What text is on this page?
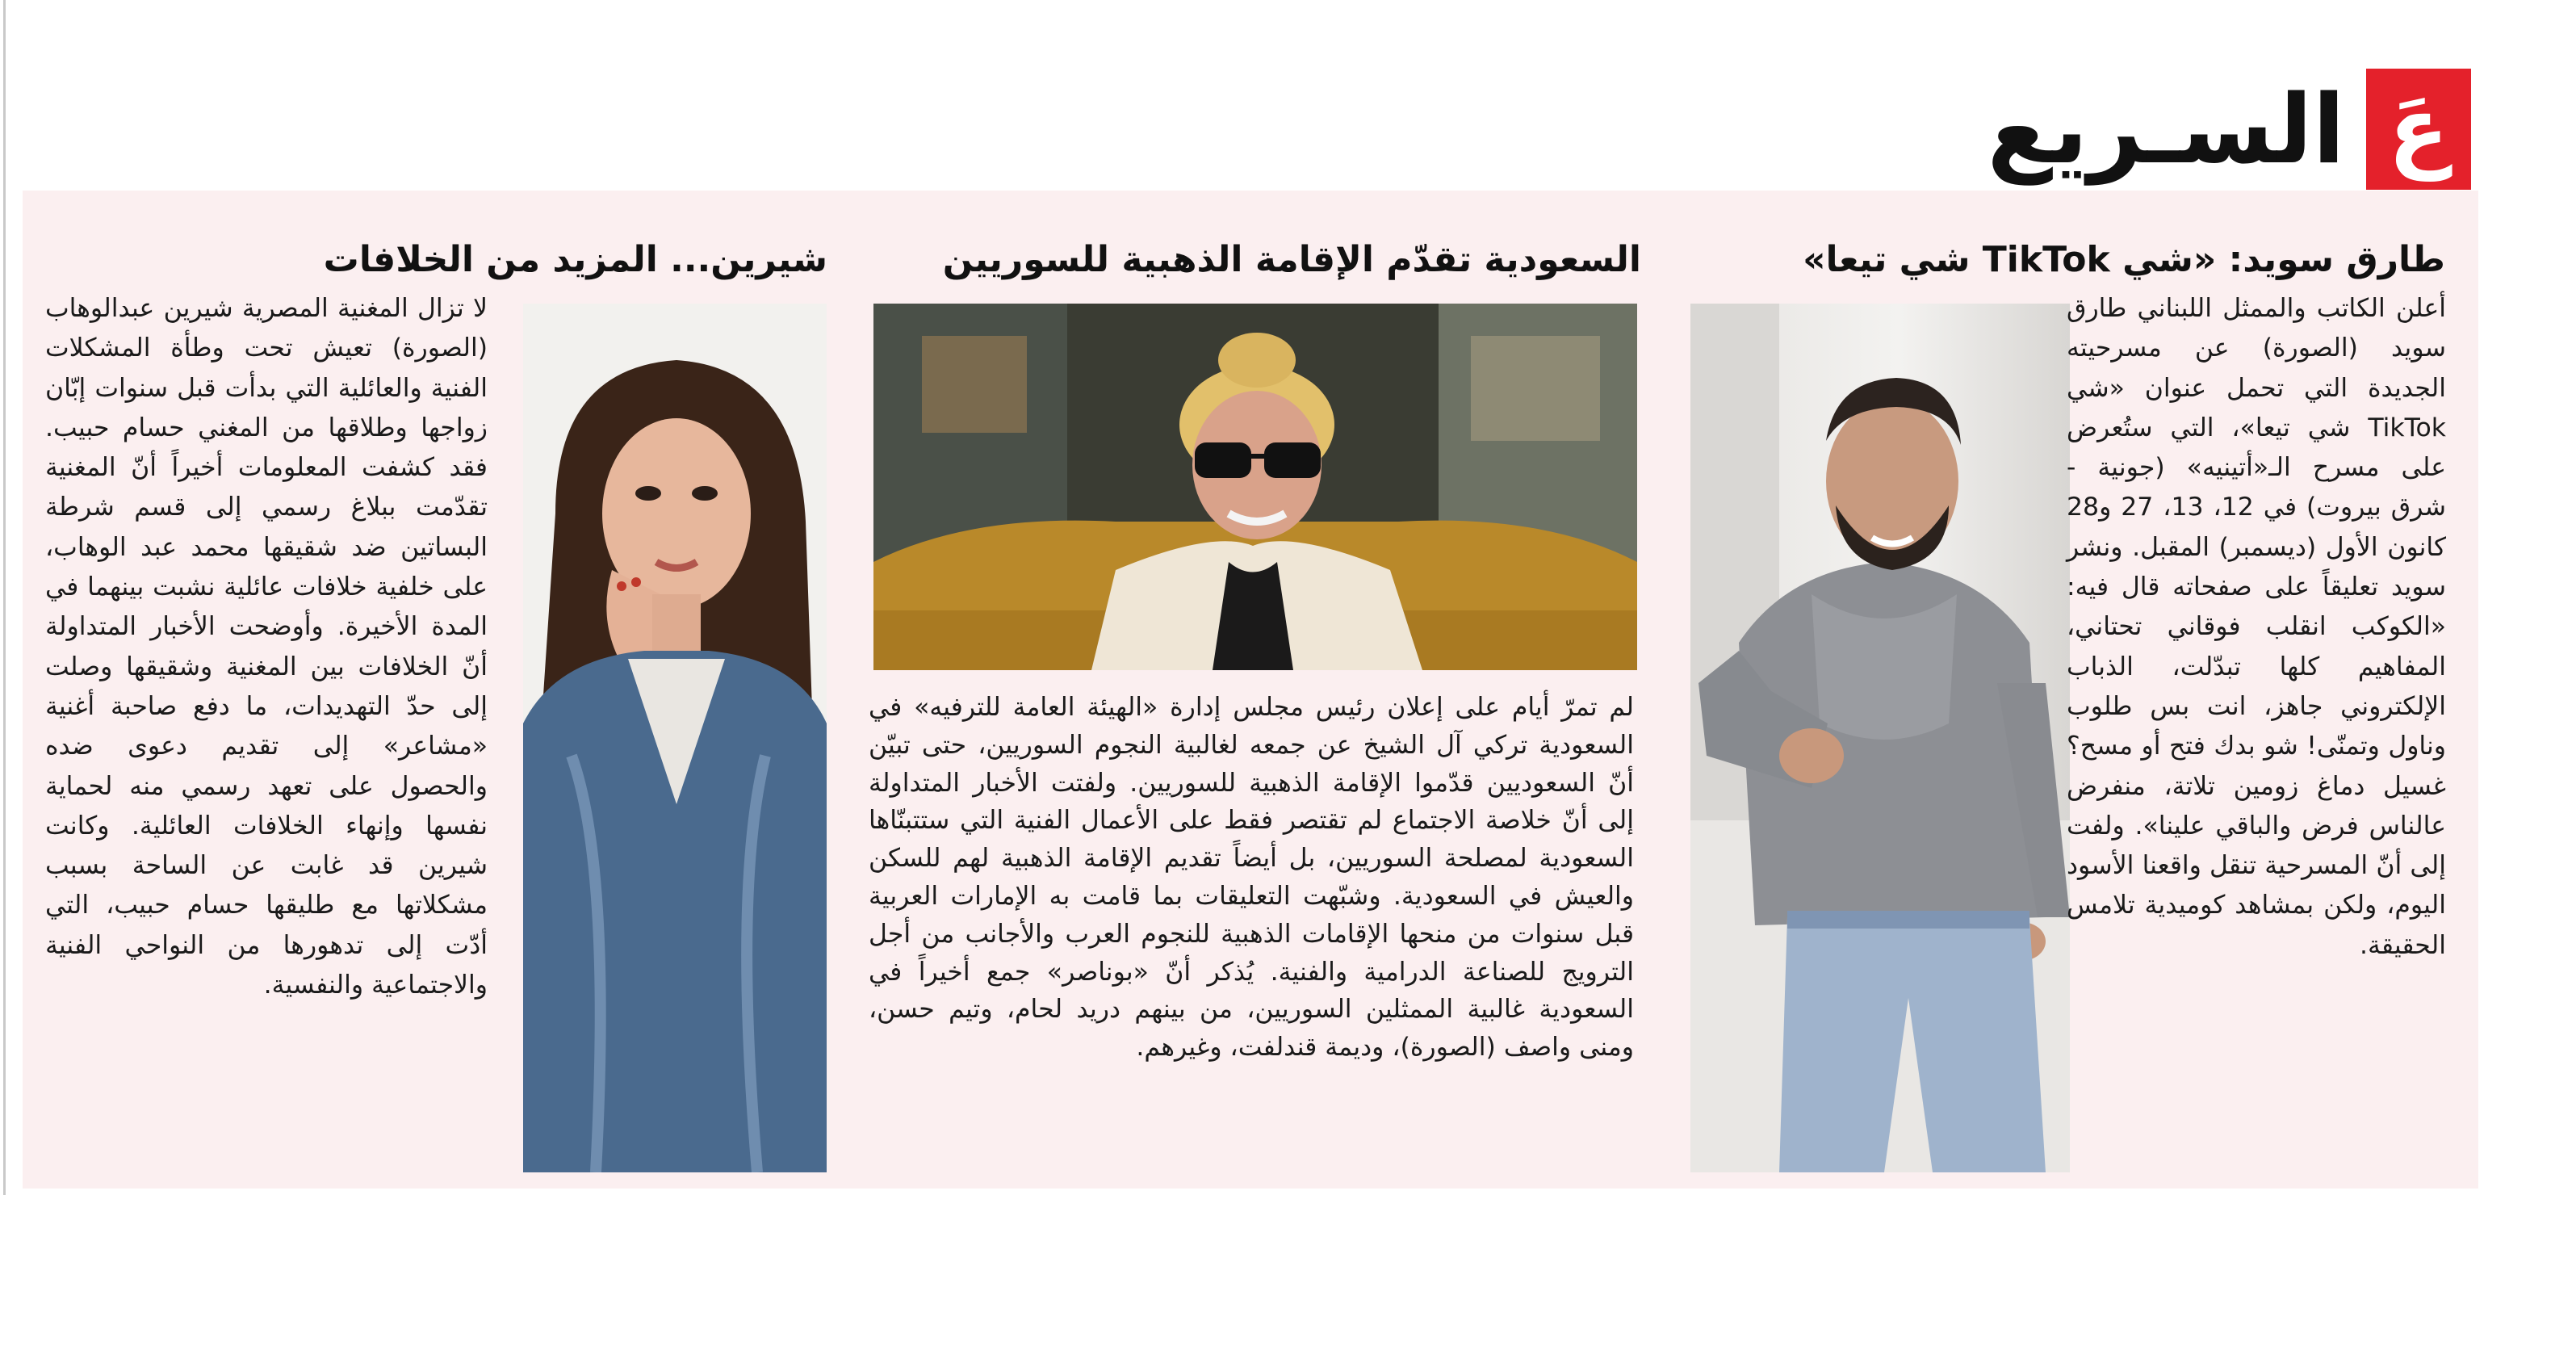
عَ
السـريع
طارق سويد: «شي TikTok شي تيعا»
أعلن الكاتب والممثل اللبناني طارق سويد (الصورة) عن مسرحيته الجديدة التي تحمل عنوان «شي TikTok شي تيعا»، التي ستُعرض على مسرح الـ«أتينيه» (جونية - شرق بيروت) في 12، 13، 27 و28 كانون الأول (ديسمبر) المقبل. ونشر سويد تعليقاً على صفحاته قال فيه: «الكوكب انقلب فوقاني تحتاني، المفاهيم كلها تبدّلت، الذباب الإلكتروني جاهز، انت بس طلوب وناول وتمنّى! شو بدك فتح أو مسح؟ غسيل دماغ زومين تلاتة، منفرض عالناس فرض والباقي علينا». ولفت إلى أنّ المسرحية تنقل واقعنا الأسود اليوم، ولكن بمشاهد كوميدية تلامس الحقيقة.
السعودية تقدّم الإقامة الذهبية للسوريين
لم تمرّ أيام على إعلان رئيس مجلس إدارة «الهيئة العامة للترفيه» في السعودية تركي آل الشيخ عن جمعه لغالبية النجوم السوريين، حتى تبيّن أنّ السعوديين قدّموا الإقامة الذهبية للسوريين. ولفتت الأخبار المتداولة إلى أنّ خلاصة الاجتماع لم تقتصر فقط على الأعمال الفنية التي ستتبنّاها السعودية لمصلحة السوريين، بل أيضاً تقديم الإقامة الذهبية لهم للسكن والعيش في السعودية. وشبّهت التعليقات بما قامت به الإمارات العربية قبل سنوات من منحها الإقامات الذهبية للنجوم العرب والأجانب من أجل الترويج للصناعة الدرامية والفنية. يُذكر أنّ «بوناصر» جمع أخيراً في السعودية غالبية الممثلين السوريين، من بينهم دريد لحام، وتيم حسن، ومنى واصف (الصورة)، وديمة قندلفت، وغيرهم.
شيرين... المزيد من الخلافات
لا تزال المغنية المصرية شيرين عبدالوهاب (الصورة) تعيش تحت وطأة المشكلات الفنية والعائلية التي بدأت قبل سنوات إبّان زواجها وطلاقها من المغني حسام حبيب. فقد كشفت المعلومات أخيراً أنّ المغنية تقدّمت ببلاغ رسمي إلى قسم شرطة البساتين ضد شقيقها محمد عبد الوهاب، على خلفية خلافات عائلية نشبت بينهما في المدة الأخيرة. وأوضحت الأخبار المتداولة أنّ الخلافات بين المغنية وشقيقها وصلت إلى حدّ التهديدات، ما دفع صاحبة أغنية «مشاعر» إلى تقديم دعوى ضده والحصول على تعهد رسمي منه لحماية نفسها وإنهاء الخلافات العائلية. وكانت شيرين قد غابت عن الساحة بسبب مشكلاتها مع طليقها حسام حبيب، التي أدّت إلى تدهورها من النواحي الفنية والاجتماعية والنفسية.
